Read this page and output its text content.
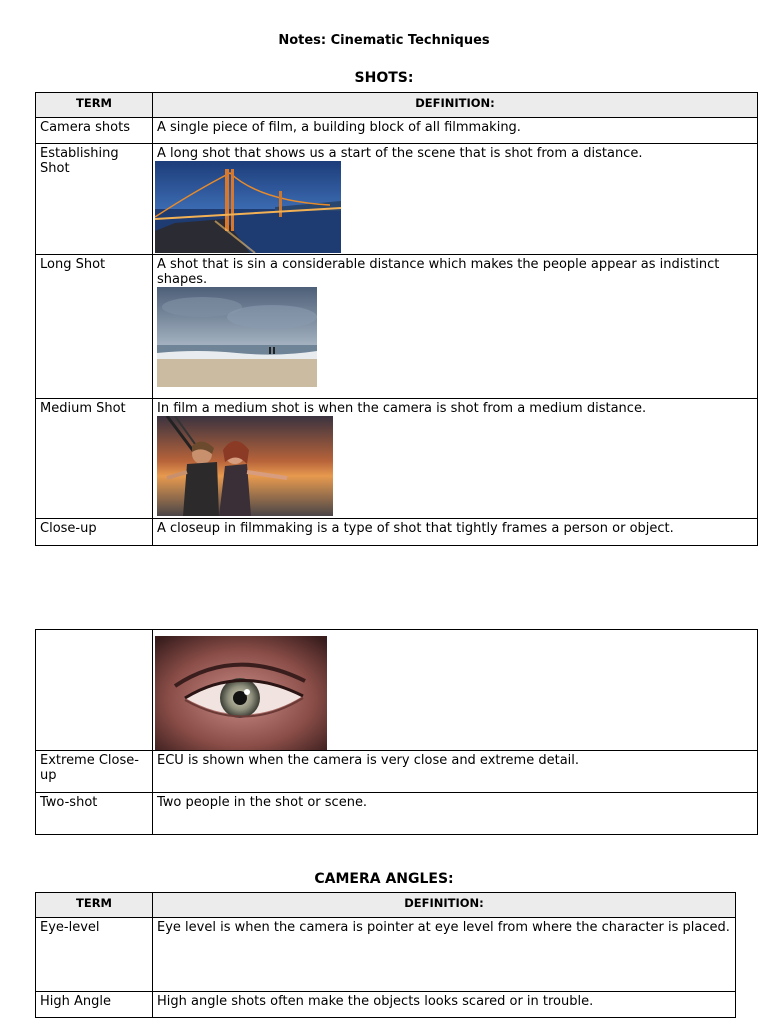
Notes: Cinematic Techniques
SHOTS:
TERM	DEFINITION:
Camera shots	A single piece of film, a building block of all filmmaking.
Establishing Shot	A long shot that shows us a start of the scene that is shot from a distance.

Long Shot	A shot that is sin a considerable distance which makes the people appear as indistinct shapes.

Medium Shot	In film a medium shot is when the camera is shot from a medium distance.

Close-up	A closeup in filmmaking is a type of shot that tightly frames a person or object.

Extreme Close-up	ECU is shown when the camera is very close and extreme detail.
Two-shot	Two people in the shot or scene.
CAMERA ANGLES:
TERM	DEFINITION:
Eye-level	Eye level is when the camera is pointer at eye level from where the character is placed.
High Angle	High angle shots often make the objects looks scared or in trouble.
